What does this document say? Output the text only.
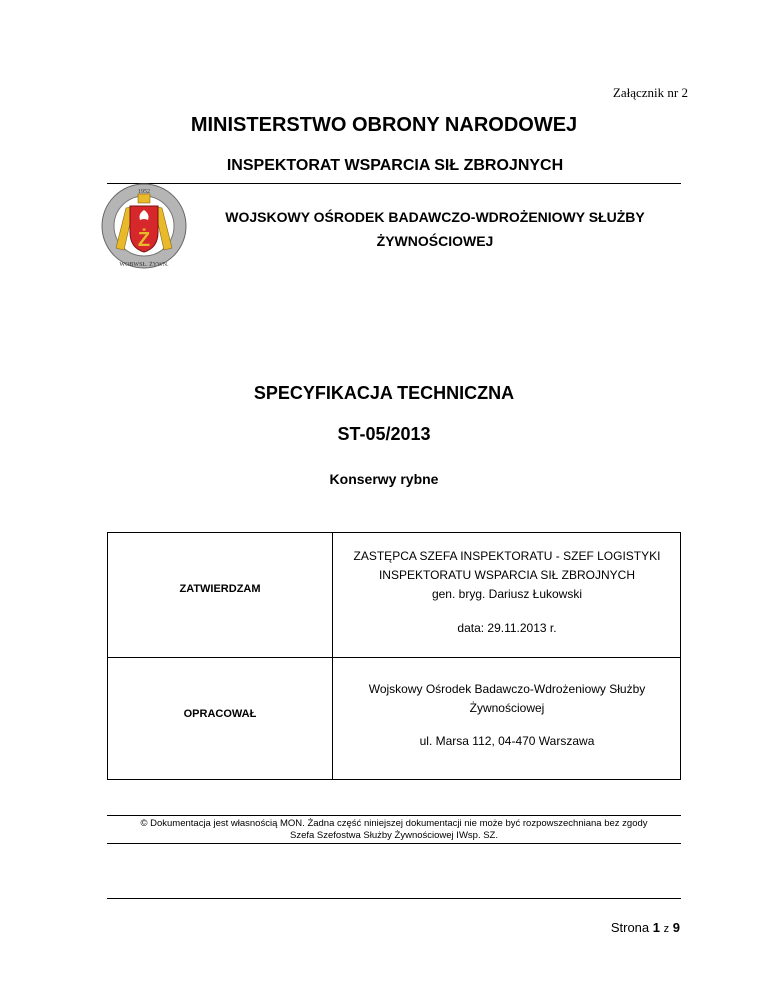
Załącznik nr 2
MINISTERSTWO OBRONY NARODOWEJ
INSPEKTORAT WSPARCIA SIŁ ZBROJNYCH
Ż
1952
WOBWSŁ. ŻYWN.
WOJSKOWY OŚRODEK BADAWCZO-WDROŻENIOWY SŁUŻBY
ŻYWNOŚCIOWEJ
SPECYFIKACJA TECHNICZNA
ST-05/2013
Konserwy rybne
ZATWIERDZAM
ZASTĘPCA SZEFA INSPEKTORATU - SZEF LOGISTYKI
INSPEKTORATU WSPARCIA SIŁ ZBROJNYCH
gen. bryg. Dariusz Łukowski
data: 29.11.2013 r.
OPRACOWAŁ
Wojskowy Ośrodek Badawczo-Wdrożeniowy Służby
Żywnościowej
ul. Marsa 112, 04-470 Warszawa
© Dokumentacja jest własnością MON. Żadna część niniejszej dokumentacji nie może być rozpowszechniana bez zgody
Szefa Szefostwa Służby Żywnościowej IWsp. SZ.
Strona 1 z 9
